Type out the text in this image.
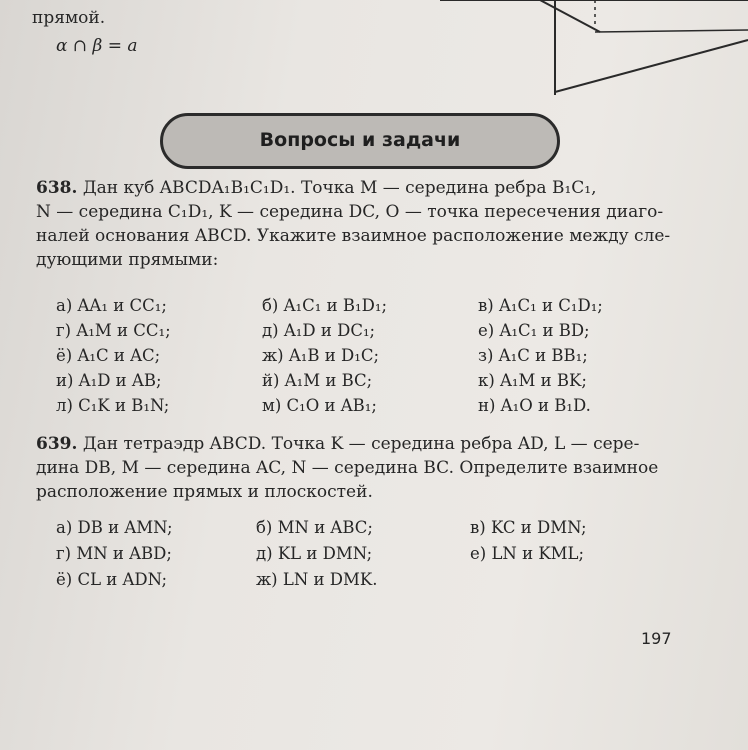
прямой.
α ∩ β = a
Вопросы и задачи
638. Дан куб ABCDA₁B₁C₁D₁. Точка M — середина ребра B₁C₁,
N — середина C₁D₁, K — середина DC, O — точка пересечения диаго-
налей основания ABCD. Укажите взаимное расположение между сле-
дующими прямыми:
а) AA₁ и CC₁;	б) A₁C₁ и B₁D₁;	в) A₁C₁ и C₁D₁;
г) A₁M и CC₁;	д) A₁D и DC₁;	е) A₁C₁ и BD;
ё) A₁C и AC;	ж) A₁B и D₁C;	з) A₁C и BB₁;
и) A₁D и AB;	й) A₁M и BC;	к) A₁M и BK;
л) C₁K и B₁N;	м) C₁O и AB₁;	н) A₁O и B₁D.
639. Дан тетраэдр ABCD. Точка K — середина ребра AD, L — сере-
дина DB, M — середина AC, N — середина BC. Определите взаимное
расположение прямых и плоскостей.
а) DB и AMN;	б) MN и ABC;	в) KC и DMN;
г) MN и ABD;	д) KL и DMN;	е) LN и KML;
ё) CL и ADN;	ж) LN и DMK.
197
